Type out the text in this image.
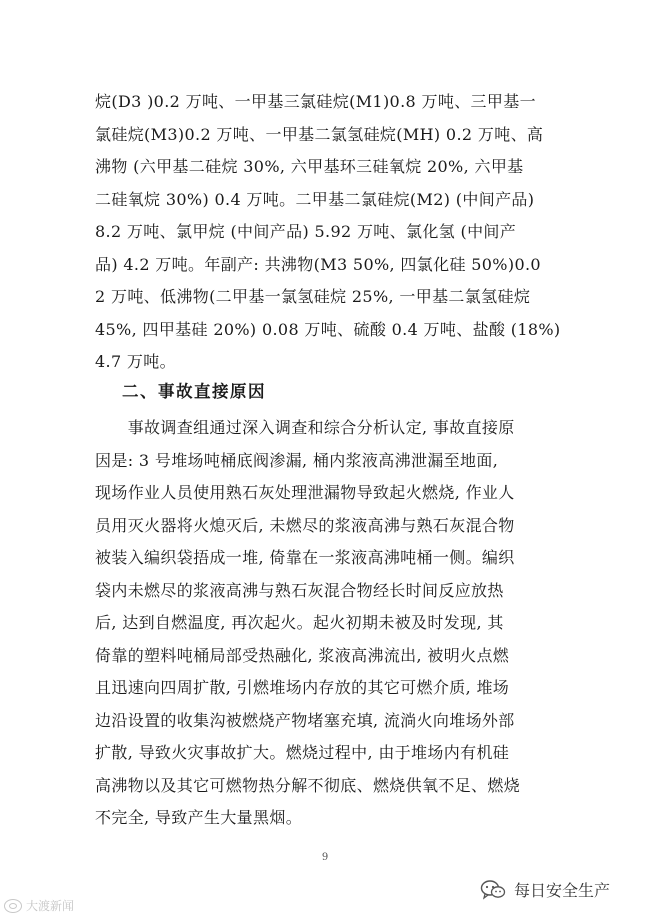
烷(D3 )0.2 万吨、一甲基三氯硅烷(M1)0.8 万吨、三甲基一
氯硅烷(M3)0.2 万吨、一甲基二氯氢硅烷(MH) 0.2 万吨、高
沸物 (六甲基二硅烷 30%, 六甲基环三硅氧烷 20%, 六甲基
二硅氧烷 30%) 0.4 万吨。二甲基二氯硅烷(M2) (中间产品)
8.2 万吨、氯甲烷 (中间产品) 5.92 万吨、氯化氢 (中间产
品) 4.2 万吨。年副产: 共沸物(M3 50%, 四氯化硅 50%)0.0
2 万吨、低沸物(二甲基一氯氢硅烷 25%, 一甲基二氯氢硅烷
45%, 四甲基硅 20%) 0.08 万吨、硫酸 0.4 万吨、盐酸 (18%)
4.7 万吨。
二、事故直接原因
　　事故调查组通过深入调查和综合分析认定, 事故直接原
因是: 3 号堆场吨桶底阀渗漏, 桶内浆液高沸泄漏至地面,
现场作业人员使用熟石灰处理泄漏物导致起火燃烧, 作业人
员用灭火器将火熄灭后, 未燃尽的浆液高沸与熟石灰混合物
被装入编织袋捂成一堆, 倚靠在一浆液高沸吨桶一侧。编织
袋内未燃尽的浆液高沸与熟石灰混合物经长时间反应放热
后, 达到自燃温度, 再次起火。起火初期未被及时发现, 其
倚靠的塑料吨桶局部受热融化, 浆液高沸流出, 被明火点燃
且迅速向四周扩散, 引燃堆场内存放的其它可燃介质, 堆场
边沿设置的收集沟被燃烧产物堵塞充填, 流淌火向堆场外部
扩散, 导致火灾事故扩大。燃烧过程中, 由于堆场内有机硅
高沸物以及其它可燃物热分解不彻底、燃烧供氧不足、燃烧
不完全, 导致产生大量黑烟。
9
大渡新闻
每日安全生产
